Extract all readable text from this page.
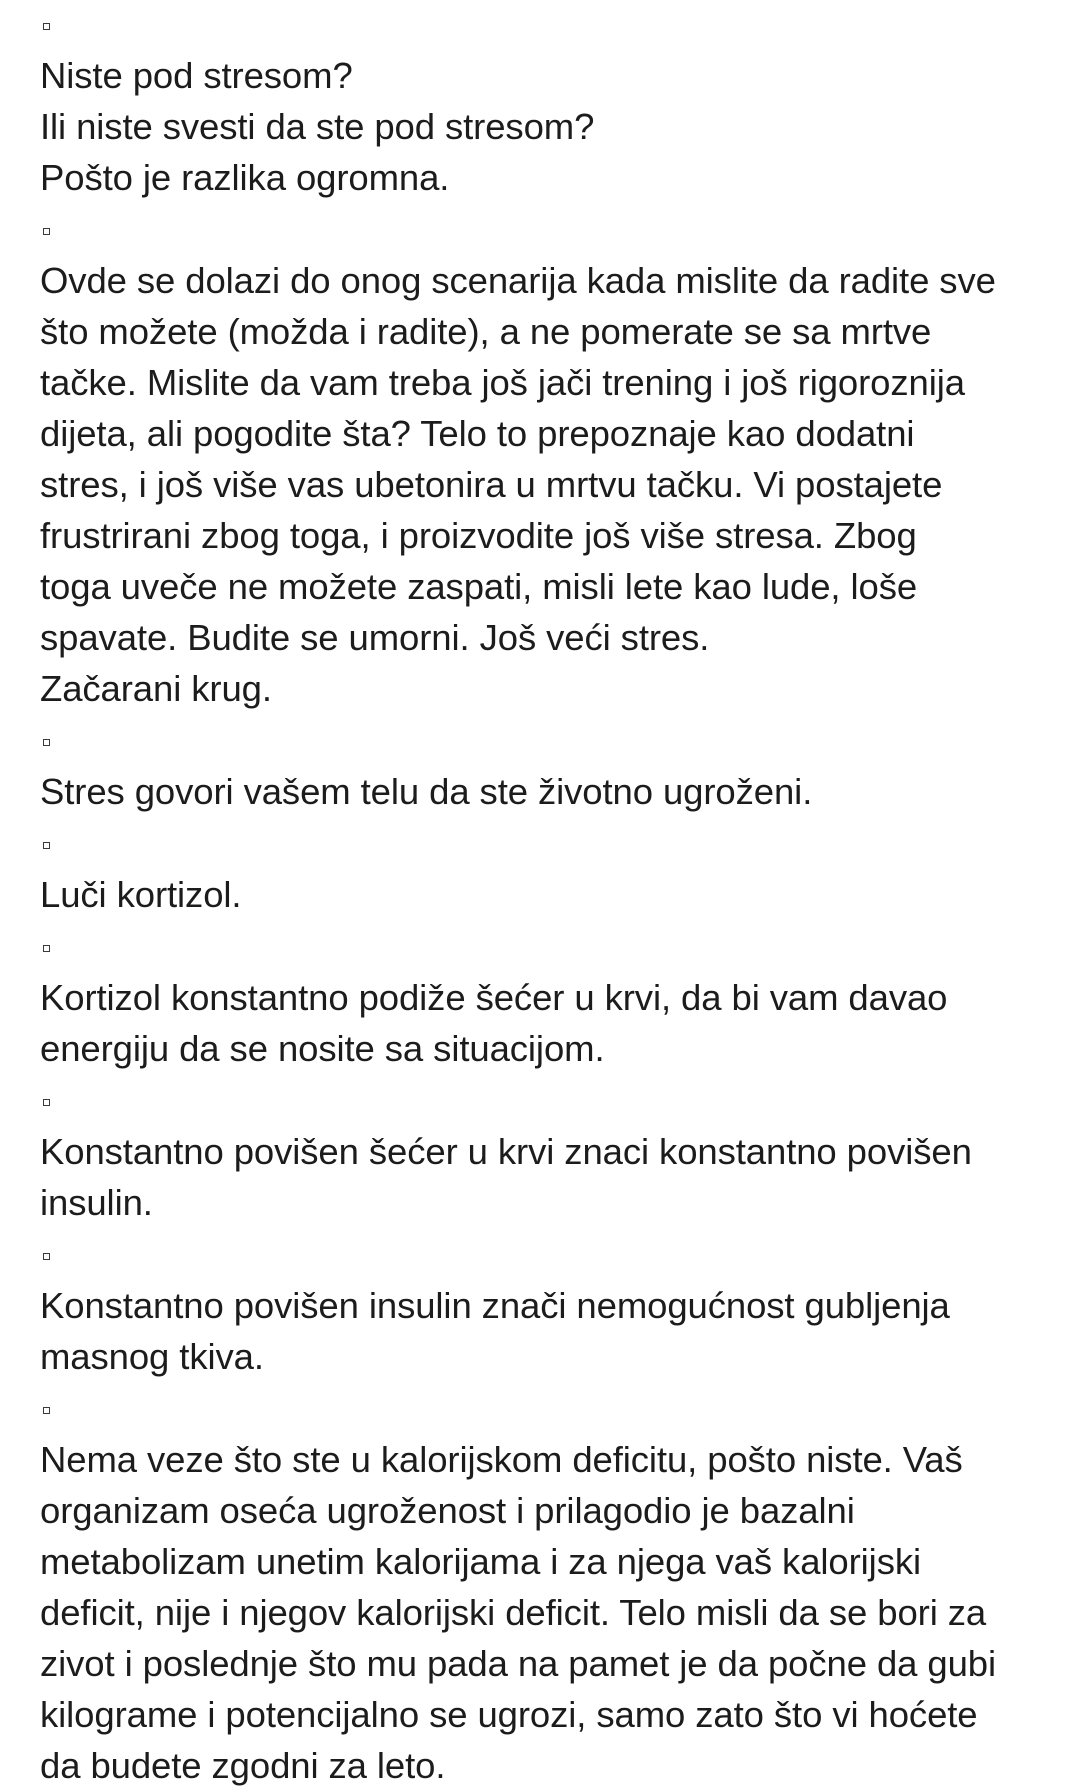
Niste pod stresom?
Ili niste svesti da ste pod stresom?
Pošto je razlika ogromna.

Ovde se dolazi do onog scenarija kada mislite da radite sve
što možete (možda i radite), a ne pomerate se sa mrtve
tačke. Mislite da vam treba još jači trening i još rigoroznija
dijeta, ali pogodite šta? Telo to prepoznaje kao dodatni
stres, i još više vas ubetonira u mrtvu tačku. Vi postajete
frustrirani zbog toga, i proizvodite još više stresa. Zbog
toga uveče ne možete zaspati, misli lete kao lude, loše
spavate. Budite se umorni. Još veći stres.
Začarani krug.

Stres govori vašem telu da ste životno ugroženi.

Luči kortizol.

Kortizol konstantno podiže šećer u krvi, da bi vam davao
energiju da se nosite sa situacijom.

Konstantno povišen šećer u krvi znaci konstantno povišen
insulin.

Konstantno povišen insulin znači nemogućnost gubljenja
masnog tkiva.

Nema veze što ste u kalorijskom deficitu, pošto niste. Vaš
organizam oseća ugroženost i prilagodio je bazalni
metabolizam unetim kalorijama i za njega vaš kalorijski
deficit, nije i njegov kalorijski deficit. Telo misli da se bori za
zivot i poslednje što mu pada na pamet je da počne da gubi
kilograme i potencijalno se ugrozi, samo zato što vi hoćete
da budete zgodni za leto.
